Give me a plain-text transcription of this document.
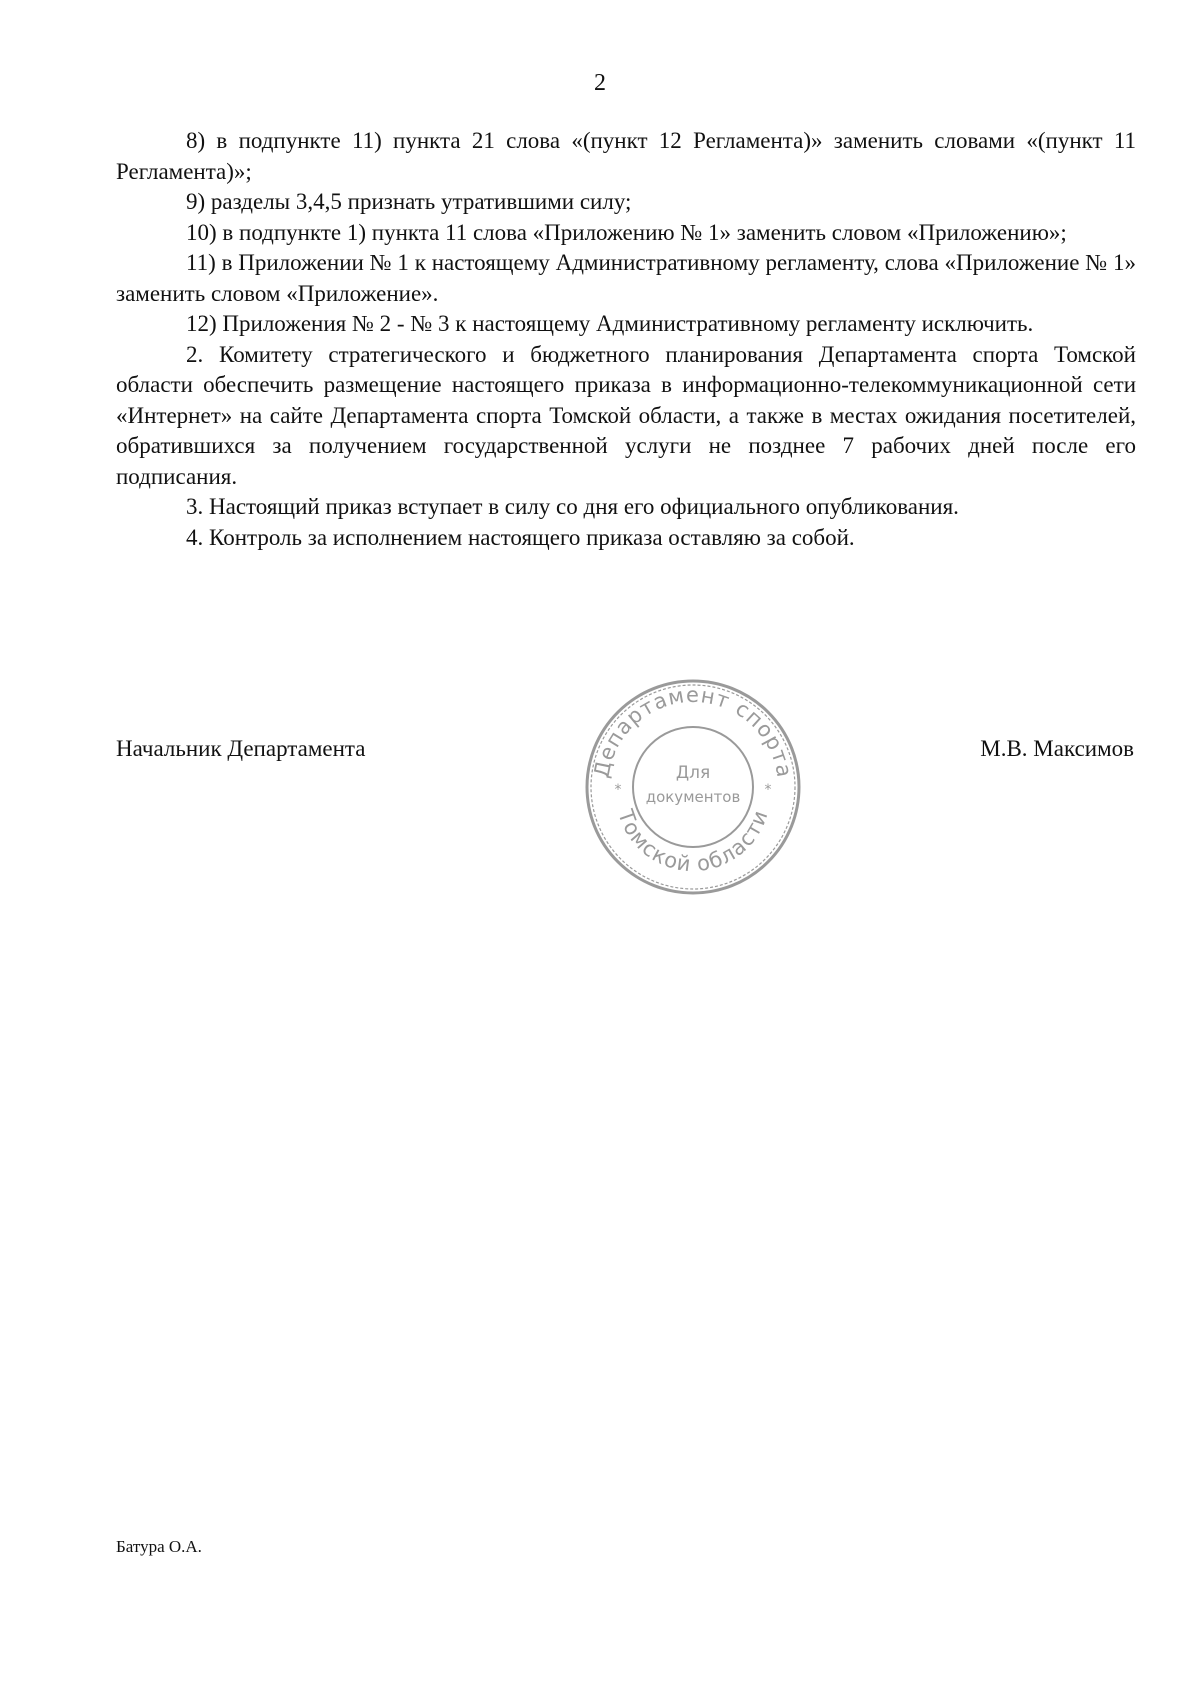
2

8) в подпункте 11) пункта 21 слова «(пункт 12 Регламента)» заменить словами «(пункт 11 Регламента)»;

9) разделы 3,4,5 признать утратившими силу;

10) в подпункте 1) пункта 11 слова «Приложению № 1» заменить словом «Приложению»;

11) в Приложении № 1 к настоящему Административному регламенту, слова «Приложение № 1» заменить словом «Приложение».

12) Приложения № 2 - № 3 к настоящему Административному регламенту исключить.

2. Комитету стратегического и бюджетного планирования Департамента спорта Томской области обеспечить размещение настоящего приказа в информационно-телекоммуникационной сети «Интернет» на сайте Департамента спорта Томской области, а также в местах ожидания посетителей, обратившихся за получением государственной услуги не позднее 7 рабочих дней после его подписания.

3. Настоящий приказ вступает в силу со дня его официального опубликования.

4. Контроль за исполнением настоящего приказа оставляю за собой.

Начальник Департамента
Департамент спорта
Томской области
*	*
Для
документов
М.В. Максимов
Батура О.А.
